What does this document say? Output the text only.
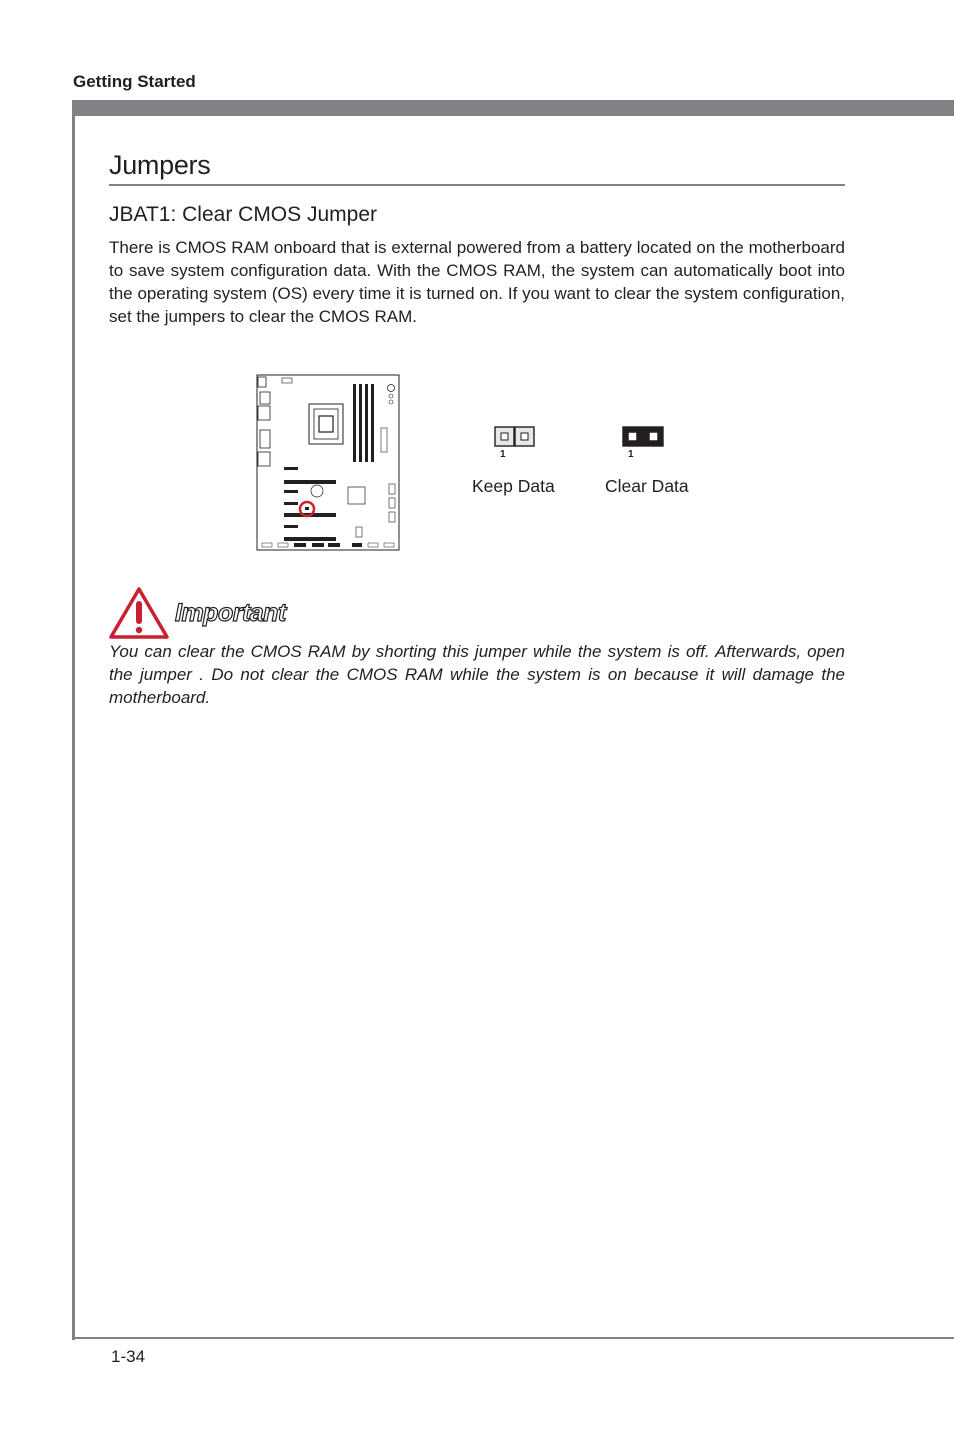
Getting Started
Jumpers
JBAT1: Clear CMOS Jumper
There is CMOS RAM onboard that is external powered from a battery located on the motherboard to save system configuration data. With the CMOS RAM, the system can automatically boot into the operating system (OS) every time it is turned on. If you want to clear the system configuration, set the jumpers to clear the CMOS RAM.
1
Keep Data
1
Clear Data
Important
You can clear the CMOS RAM by shorting this jumper while the system is off. Afterwards, open the jumper . Do not clear the CMOS RAM while the system is on because it will damage the motherboard.
1-34
